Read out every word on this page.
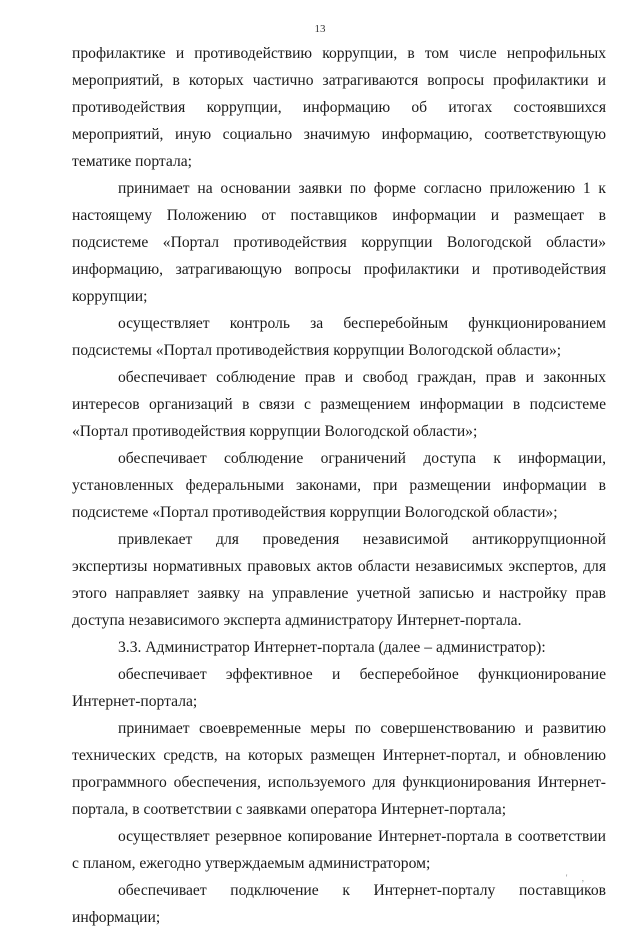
13

профилактике и противодействию коррупции, в том числе непрофильных мероприятий, в которых частично затрагиваются вопросы профилактики и противодействия коррупции, информацию об итогах состоявшихся мероприятий, иную социально значимую информацию, соответствующую тематике портала;

принимает на основании заявки по форме согласно приложению 1 к настоящему Положению от поставщиков информации и размещает в подсистеме «Портал противодействия коррупции Вологодской области» информацию, затрагивающую вопросы профилактики и противодействия коррупции;

осуществляет контроль за бесперебойным функционированием подсистемы «Портал противодействия коррупции Вологодской области»;

обеспечивает соблюдение прав и свобод граждан, прав и законных интересов организаций в связи с размещением информации в подсистеме «Портал противодействия коррупции Вологодской области»;

обеспечивает соблюдение ограничений доступа к информации, установленных федеральными законами, при размещении информации в подсистеме «Портал противодействия коррупции Вологодской области»;

привлекает для проведения независимой антикоррупционной экспертизы нормативных правовых актов области независимых экспертов, для этого направляет заявку на управление учетной записью и настройку прав доступа независимого эксперта администратору Интернет-портала.

3.3. Администратор Интернет-портала (далее – администратор):

обеспечивает эффективное и бесперебойное функционирование Интернет-портала;

принимает своевременные меры по совершенствованию и развитию технических средств, на которых размещен Интернет-портал, и обновлению программного обеспечения, используемого для функционирования Интернет-портала, в соответствии с заявками оператора Интернет-портала;

осуществляет резервное копирование Интернет-портала в соответствии с планом, ежегодно утверждаемым администратором;

обеспечивает подключение к Интернет-порталу поставщиков информации;

' ,
